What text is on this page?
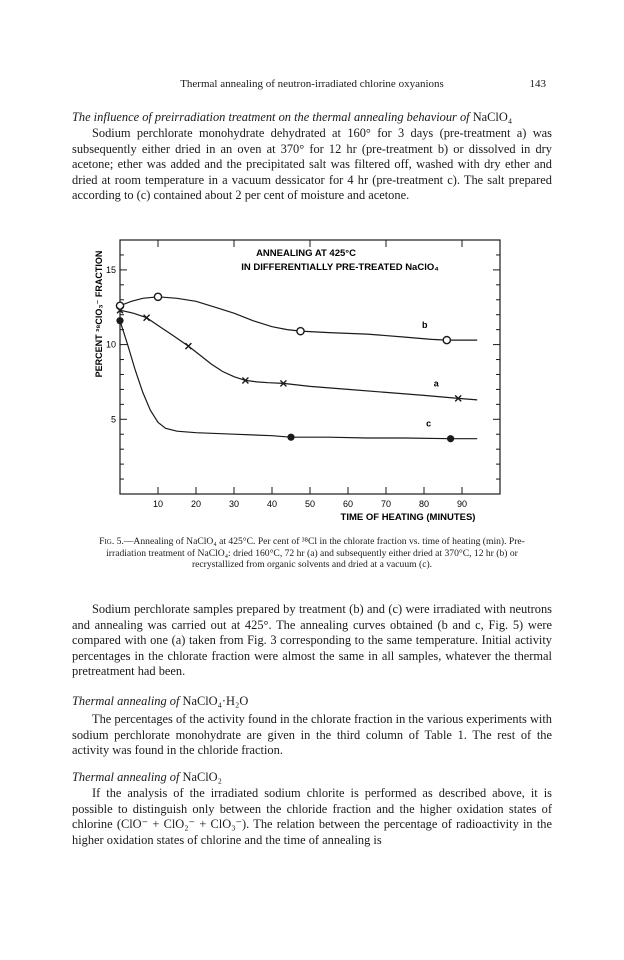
Thermal annealing of neutron-irradiated chlorine oxyanions	143
The influence of preirradiation treatment on the thermal annealing behaviour of NaClO₄

Sodium perchlorate monohydrate dehydrated at 160° for 3 days (pre-treatment a) was subsequently either dried in an oven at 370° for 12 hr (pre-treatment b) or dissolved in dry acetone; ether was added and the precipitated salt was filtered off, washed with dry ether and dried at room temperature in a vacuum dessicator for 4 hr (pre-treatment c). The salt prepared according to (c) contained about 2 per cent of moisture and acetone.

10	20	30	40	50	60	70	80	90
5
10
15
b
a
c
ANNEALING AT 425°C
IN DIFFERENTIALLY PRE-TREATED NaClO₄
TIME OF HEATING (MINUTES)
PERCENT ³⁸ClO₃⁻ FRACTION
Fig. 5.—Annealing of NaClO₄ at 425°C. Per cent of ³⁸Cl in the chlorate fraction vs. time of heating (min). Pre-irradiation treatment of NaClO₄: dried 160°C, 72 hr (a) and subsequently either dried at 370°C, 12 hr (b) or recrystallized from organic solvents and dried at a vacuum (c).

Sodium perchlorate samples prepared by treatment (b) and (c) were irradiated with neutrons and annealing was carried out at 425°. The annealing curves obtained (b and c, Fig. 5) were compared with one (a) taken from Fig. 3 corresponding to the same temperature. Initial activity percentages in the chlorate fraction were almost the same in all samples, whatever the thermal pretreatment had been.

Thermal annealing of NaClO₄·H₂O

The percentages of the activity found in the chlorate fraction in the various experiments with sodium perchlorate monohydrate are given in the third column of Table 1. The rest of the activity was found in the chloride fraction.

Thermal annealing of NaClO₂

If the analysis of the irradiated sodium chlorite is performed as described above, it is possible to distinguish only between the chloride fraction and the higher oxidation states of chlorine (ClO⁻ + ClO₂⁻ + ClO₃⁻). The relation between the percentage of radioactivity in the higher oxidation states of chlorine and the time of annealing is
